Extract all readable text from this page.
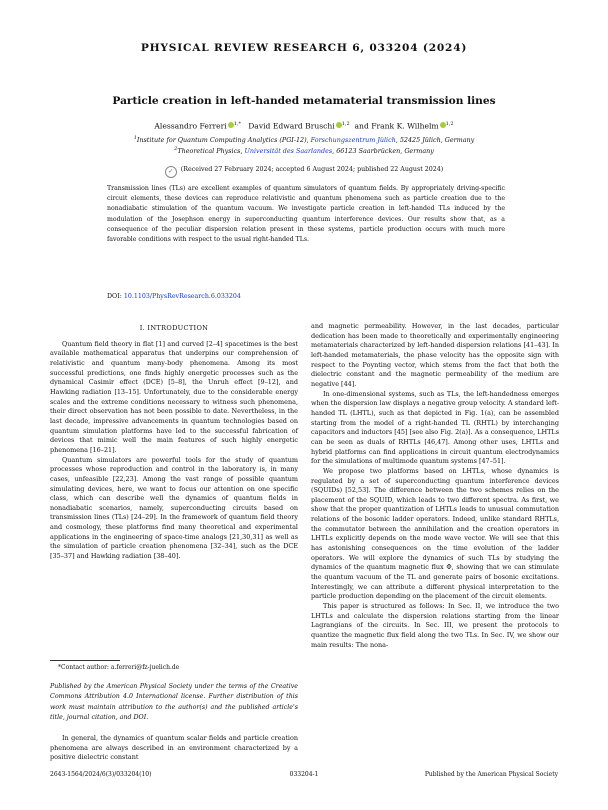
PHYSICAL REVIEW RESEARCH 6, 033204 (2024)
Particle creation in left-handed metamaterial transmission lines
Alessandro Ferreri $^{1,*}$ David Edward Bruschi $^{1,2}$  and Frank K. Wilhelm $^{1,2}$
$^1$Institute for Quantum Computing Analytics (PGI-12), Forschungszentrum Jülich, 52425 Jülich, Germany
$^2$Theoretical Physics, Universität des Saarlandes, 66123 Saarbrücken, Germany
✓ (Received 27 February 2024; accepted 6 August 2024; published 22 August 2024)
Transmission lines (TLs) are excellent examples of quantum simulators of quantum fields. By appropriately driving-specific circuit elements, these devices can reproduce relativistic and quantum phenomena such as particle creation due to the nonadiabatic stimulation of the quantum vacuum. We investigate particle creation in left-handed TLs induced by the modulation of the Josephson energy in superconducting quantum interference devices. Our results show that, as a consequence of the peculiar dispersion relation present in these systems, particle production occurs with much more favorable conditions with respect to the usual right-handed TLs.
DOI: 10.1103/PhysRevResearch.6.033204
I. INTRODUCTION

Quantum field theory in flat [1] and curved [2–4] spacetimes is the best available mathematical apparatus that underpins our comprehension of relativistic and quantum many-body phenomena. Among its most successful predictions, one finds highly energetic processes such as the dynamical Casimir effect (DCE) [5–8], the Unruh effect [9–12], and Hawking radiation [13–15]. Unfortunately, due to the considerable energy scales and the extreme conditions necessary to witness such phenomena, their direct observation has not been possible to date. Nevertheless, in the last decade, impressive advancements in quantum technologies based on quantum simulation platforms have led to the successful fabrication of devices that mimic well the main features of such highly energetic phenomena [16–21].

Quantum simulators are powerful tools for the study of quantum processes whose reproduction and control in the laboratory is, in many cases, unfeasible [22,23]. Among the vast range of possible quantum simulating devices, here, we want to focus our attention on one specific class, which can describe well the dynamics of quantum fields in nonadiabatic scenarios, namely, superconducting circuits based on transmission lines (TLs) [24–29]. In the framework of quantum field theory and cosmology, these platforms find many theoretical and experimental applications in the engineering of space-time analogs [21,30,31] as well as the simulation of particle creation phenomena [32–34], such as the DCE [35–37] and Hawking radiation [38–40].

*Contact author: a.ferreri@fz-juelich.de
Published by the American Physical Society under the terms of the Creative Commons Attribution 4.0 International license. Further distribution of this work must maintain attribution to the author(s) and the published article's title, journal citation, and DOI.

In general, the dynamics of quantum scalar fields and particle creation phenomena are always described in an environment characterized by a positive dielectric constant

and magnetic permeability. However, in the last decades, particular dedication has been made to theoretically and experimentally engineering metamaterials characterized by left-handed dispersion relations [41–43]. In left-handed metamaterials, the phase velocity has the opposite sign with respect to the Poynting vector, which stems from the fact that both the dielectric constant and the magnetic permeability of the medium are negative [44].

In one-dimensional systems, such as TLs, the left-handedness emerges when the dispersion law displays a negative group velocity. A standard left-handed TL (LHTL), such as that depicted in Fig. 1(a), can be assembled starting from the model of a right-handed TL (RHTL) by interchanging capacitors and inductors [45] [see also Fig. 2(a)]. As a consequence, LHTLs can be seen as duals of RHTLs [46,47]. Among other uses, LHTLs and hybrid platforms can find applications in circuit quantum electrodynamics for the simulations of multimode quantum systems [47–51].

We propose two platforms based on LHTLs, whose dynamics is regulated by a set of superconducting quantum interference devices (SQUIDs) [52,53]. The difference between the two schemes relies on the placement of the SQUID, which leads to two different spectra. As first, we show that the proper quantization of LHTLs leads to unusual commutation relations of the bosonic ladder operators. Indeed, unlike standard RHTLs, the commutator between the annihilation and the creation operators in LHTLs explicitly depends on the mode wave vector. We will see that this has astonishing consequences on the time evolution of the ladder operators. We will explore the dynamics of such TLs by studying the dynamics of the quantum magnetic flux Φ, showing that we can stimulate the quantum vacuum of the TL and generate pairs of bosonic excitations. Interestingly, we can attribute a different physical interpretation to the particle production depending on the placement of the circuit elements.

This paper is structured as follows: In Sec. II, we introduce the two LHTLs and calculate the dispersion relations starting from the linear Lagrangians of the circuits. In Sec. III, we present the protocols to quantize the magnetic flux field along the two TLs. In Sec. IV, we show our main results: The nona-

2643-1564/2024/6(3)/033204(10)	033204-1	Published by the American Physical Society
